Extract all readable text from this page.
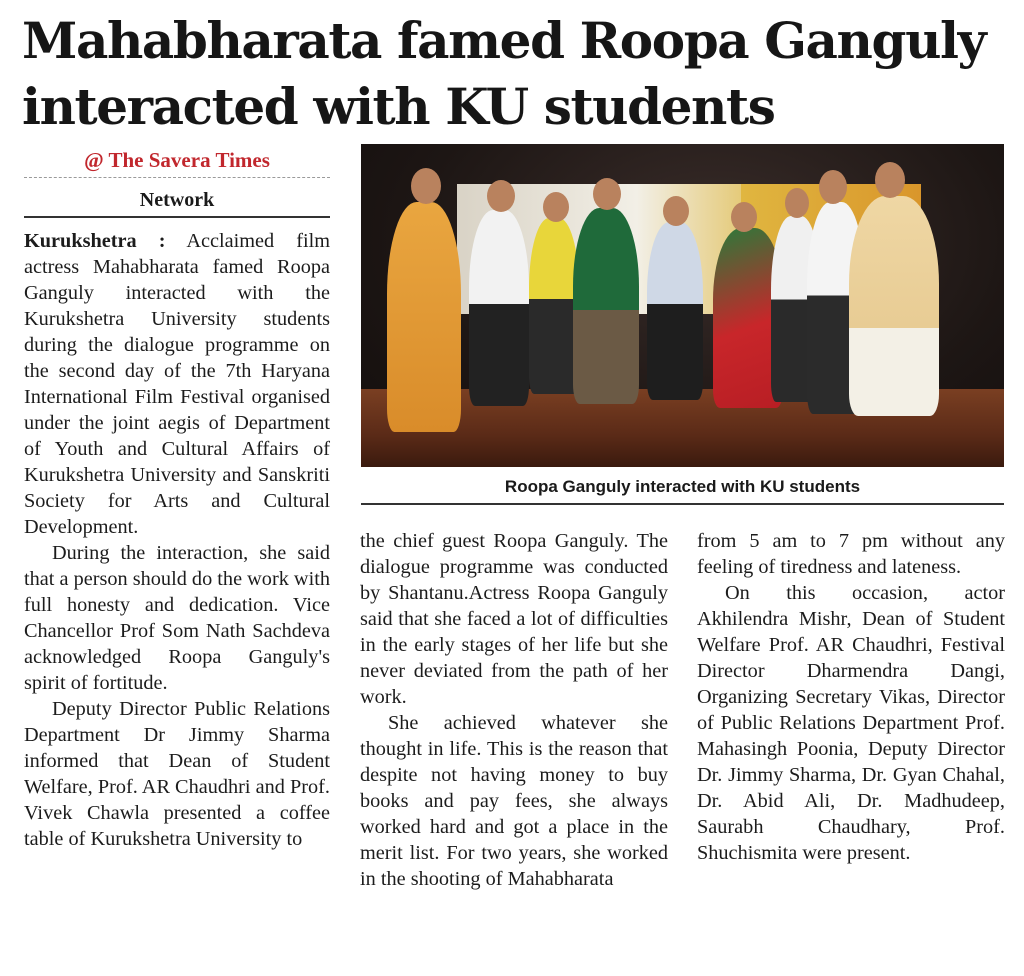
Mahabharata famed Roopa Ganguly interacted with KU students
@ The Savera Times
Network

Kurukshetra : Acclaimed film actress Mahabharata famed Roopa Ganguly interacted with the Kurukshetra University students during the dialogue programme on the second day of the 7th Haryana International Film Festival organised under the joint aegis of Department of Youth and Cultural Affairs of Kurukshetra University and Sanskriti Society for Arts and Cultural Development.

During the interaction, she said that a person should do the work with full honesty and dedication. Vice Chancellor Prof Som Nath Sachdeva acknowledged Roopa Ganguly's spirit of fortitude.

Deputy Director Public Relations Department Dr Jimmy Sharma informed that Dean of Student Welfare, Prof. AR Chaudhri and Prof. Vivek Chawla presented a coffee table of Kurukshetra University to

Roopa Ganguly interacted with KU students

the chief guest Roopa Ganguly. The dialogue programme was conducted by Shantanu.Actress Roopa Ganguly said that she faced a lot of difficulties in the early stages of her life but she never deviated from the path of her work.

She achieved whatever she thought in life. This is the reason that despite not having money to buy books and pay fees, she always worked hard and got a place in the merit list. For two years, she worked in the shooting of Mahabharata

from 5 am to 7 pm without any feeling of tiredness and lateness.

On this occasion, actor Akhilendra Mishr, Dean of Student Welfare Prof. AR Chaudhri, Festival Director Dharmendra Dangi, Organizing Secretary Vikas, Director of Public Relations Department Prof. Mahasingh Poonia, Deputy Director Dr. Jimmy Sharma, Dr. Gyan Chahal, Dr. Abid Ali, Dr. Madhudeep, Saurabh Chaudhary, Prof. Shuchismita were present.
